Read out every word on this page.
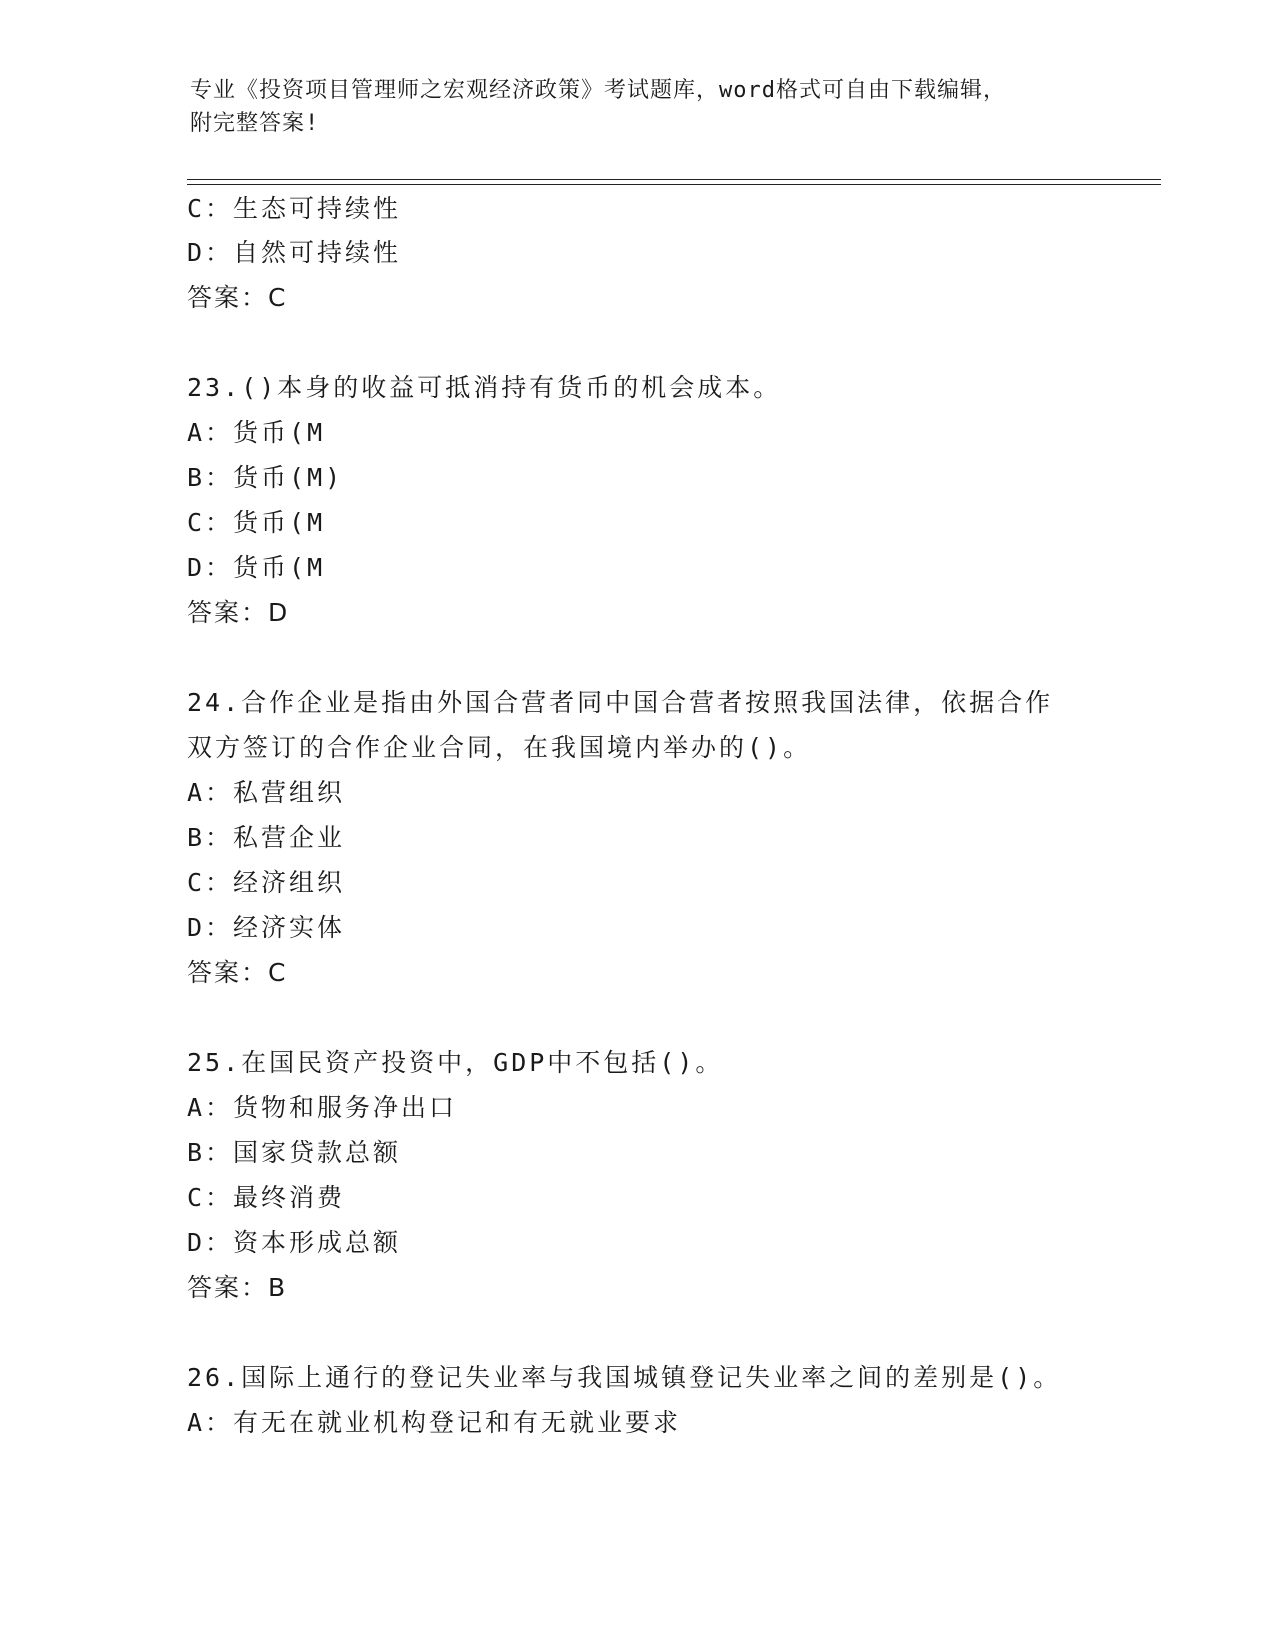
专业《投资项目管理师之宏观经济政策》考试题库，word格式可自由下载编辑，
附完整答案!
C：生态可持续性
D：自然可持续性
答案：C
23.()本身的收益可抵消持有货币的机会成本。
A：货币(M
B：货币(M)
C：货币(M
D：货币(M
答案：D
24.合作企业是指由外国合营者同中国合营者按照我国法律，依据合作
双方签订的合作企业合同，在我国境内举办的()。
A：私营组织
B：私营企业
C：经济组织
D：经济实体
答案：C
25.在国民资产投资中，GDP中不包括()。
A：货物和服务净出口
B：国家贷款总额
C：最终消费
D：资本形成总额
答案：B
26.国际上通行的登记失业率与我国城镇登记失业率之间的差别是()。
A：有无在就业机构登记和有无就业要求
